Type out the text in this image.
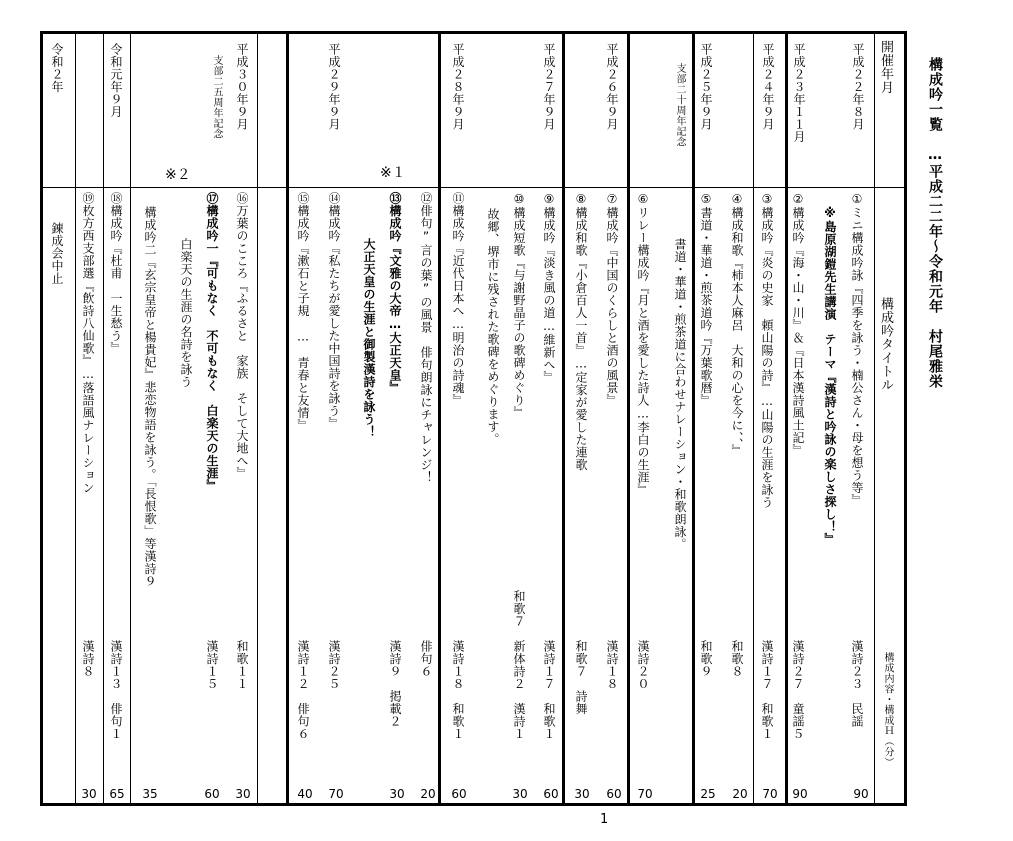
構成吟一覧　…平成二二年～令和元年　村尾雅栄
開催年月
構成吟タイトル
構成内容・構成Ｈ（分）
平成２２年８月
①ミニ構成吟詠『四季を詠う・楠公さん・母を想う等』
※島原湖鎧先生講演　テーマ『漢詩と吟詠の楽しさ探し！』
漢詩２３　民謡
90
平成２３年１１月
②構成吟『海・山・川』＆『日本漢詩風土記』
漢詩２７　童謡５
90
平成２４年９月
③構成吟『炎の史家　頼山陽の詩』…山陽の生涯を詠う
漢詩１７　和歌１
70
④構成和歌『柿本人麻呂　大和の心を今に、、』
和歌８
20
平成２５年９月
支部二十周年記念
⑤書道・華道・煎茶道吟『万葉歌暦』
書道・華道・煎茶道に合わせナレーション・和歌朗詠。
和歌９
25
⑥リレー構成吟『月と酒を愛した詩人…李白の生涯』
漢詩２０
70
平成２６年９月
⑦構成吟『中国のくらしと酒の風景』
漢詩１８
60
⑧構成和歌『小倉百人一首』…定家が愛した連歌
和歌７　詩舞
30
平成２７年９月
⑨構成吟『淡き風の道…維新へ』
漢詩１７　和歌１
60
⑩構成短歌『与謝野晶子の歌碑めぐり』
故郷、堺市に残された歌碑をめぐります。
和歌７　新体詩２　漢詩１
30
平成２８年９月
⑪構成吟『近代日本へ…明治の詩魂』
漢詩１８　和歌１
60
⑫俳句”言の葉”の風景　俳句朗詠にチャレンジ！
俳句６
20
※１
⑬構成吟『文雅の大帝…大正天皇』
大正天皇の生涯と御製漢詩を詠う！
漢詩９　掲載２
30
平成２９年９月
⑭構成吟『私たちが愛した中国詩を詠う』
漢詩２５
70
⑮構成吟『漱石と子規　…　青春と友情』
漢詩１２　俳句６
40
平成３０年９月
⑯万葉のこころ『ふるさと　家族　そして大地へ』
和歌１１
30
支部二五周年記念
⑰構成吟一『可もなく　不可もなく　白楽天の生涯』
白楽天の生涯の名詩を詠う
漢詩１５
60
※２
構成吟二『玄宗皇帝と楊貴妃』悲恋物語を詠う。「長恨歌」等漢詩９
35
令和元年９月
⑱構成吟『杜甫　一生愁う』
漢詩１３　俳句１
65
⑲枚方西支部選『飲詩八仙歌』…落語風ナレーション
漢詩８
30
令和２年
錬成会中止
1
